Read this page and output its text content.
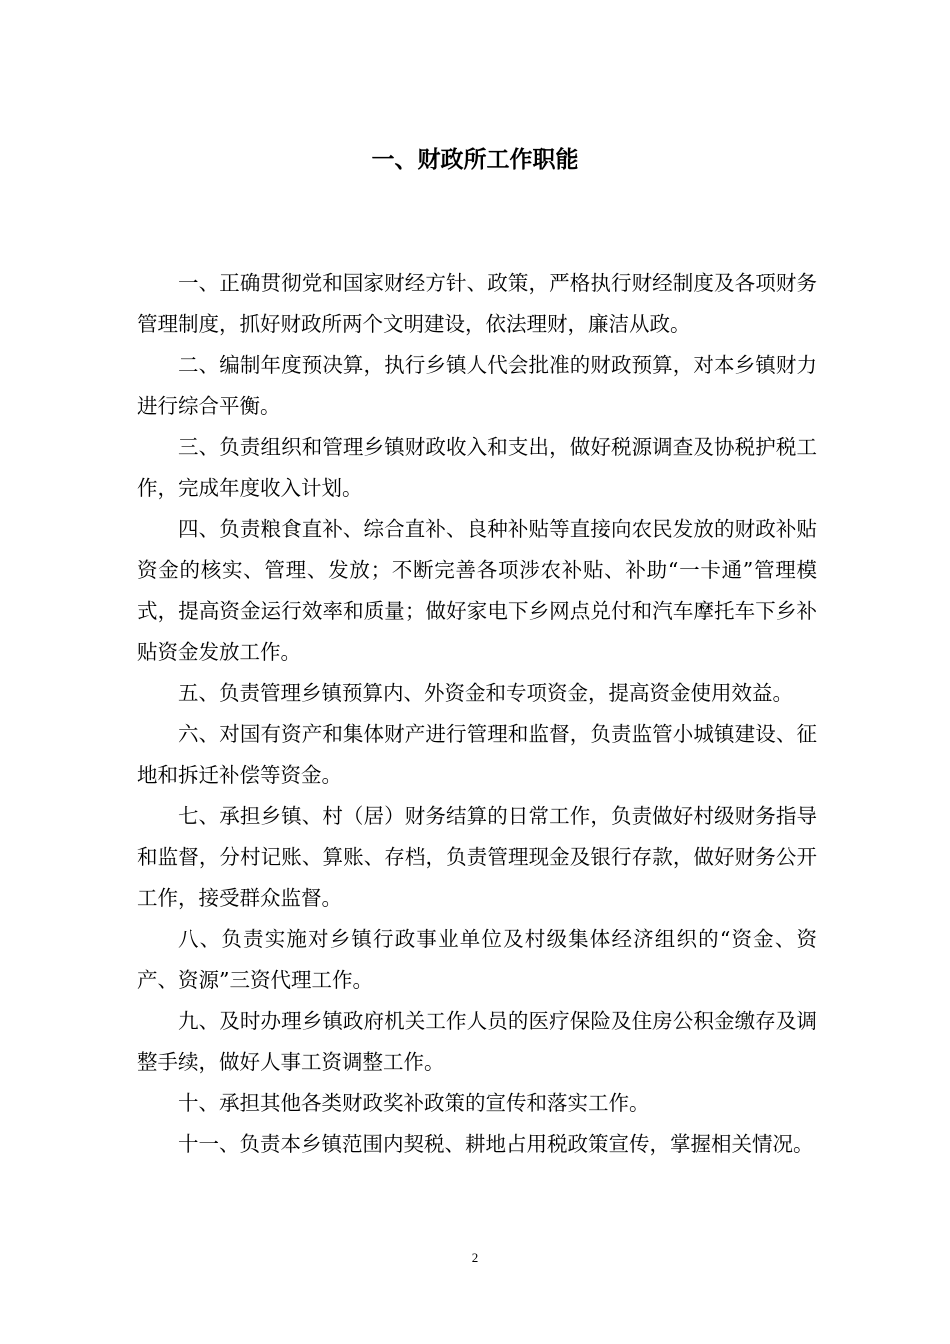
一、财政所工作职能

一、正确贯彻党和国家财经方针、政策，严格执行财经制度及各项财务管理制度，抓好财政所两个文明建设，依法理财，廉洁从政。

二、编制年度预决算，执行乡镇人代会批准的财政预算，对本乡镇财力进行综合平衡。

三、负责组织和管理乡镇财政收入和支出，做好税源调查及协税护税工作，完成年度收入计划。

四、负责粮食直补、综合直补、良种补贴等直接向农民发放的财政补贴资金的核实、管理、发放；不断完善各项涉农补贴、补助“一卡通”管理模式，提高资金运行效率和质量；做好家电下乡网点兑付和汽车摩托车下乡补贴资金发放工作。

五、负责管理乡镇预算内、外资金和专项资金，提高资金使用效益。

六、对国有资产和集体财产进行管理和监督，负责监管小城镇建设、征地和拆迁补偿等资金。

七、承担乡镇、村（居）财务结算的日常工作，负责做好村级财务指导和监督，分村记账、算账、存档，负责管理现金及银行存款，做好财务公开工作，接受群众监督。

八、负责实施对乡镇行政事业单位及村级集体经济组织的“资金、资产、资源”三资代理工作。

九、及时办理乡镇政府机关工作人员的医疗保险及住房公积金缴存及调整手续，做好人事工资调整工作。

十、承担其他各类财政奖补政策的宣传和落实工作。

十一、负责本乡镇范围内契税、耕地占用税政策宣传，掌握相关情况。

2
